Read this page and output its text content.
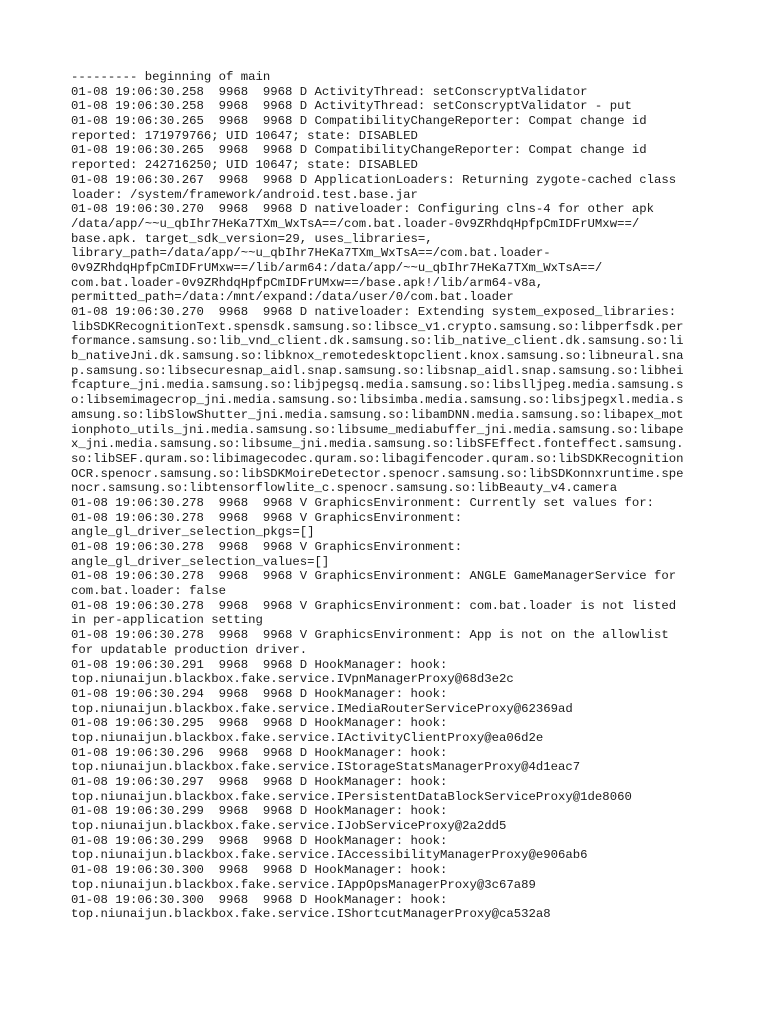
--------- beginning of main
01-08 19:06:30.258  9968  9968 D ActivityThread: setConscryptValidator
01-08 19:06:30.258  9968  9968 D ActivityThread: setConscryptValidator - put
01-08 19:06:30.265  9968  9968 D CompatibilityChangeReporter: Compat change id
reported: 171979766; UID 10647; state: DISABLED
01-08 19:06:30.265  9968  9968 D CompatibilityChangeReporter: Compat change id
reported: 242716250; UID 10647; state: DISABLED
01-08 19:06:30.267  9968  9968 D ApplicationLoaders: Returning zygote-cached class
loader: /system/framework/android.test.base.jar
01-08 19:06:30.270  9968  9968 D nativeloader: Configuring clns-4 for other apk
/data/app/~~u_qbIhr7HeKa7TXm_WxTsA==/com.bat.loader-0v9ZRhdqHpfpCmIDFrUMxw==/
base.apk. target_sdk_version=29, uses_libraries=,
library_path=/data/app/~~u_qbIhr7HeKa7TXm_WxTsA==/com.bat.loader-
0v9ZRhdqHpfpCmIDFrUMxw==/lib/arm64:/data/app/~~u_qbIhr7HeKa7TXm_WxTsA==/
com.bat.loader-0v9ZRhdqHpfpCmIDFrUMxw==/base.apk!/lib/arm64-v8a,
permitted_path=/data:/mnt/expand:/data/user/0/com.bat.loader
01-08 19:06:30.270  9968  9968 D nativeloader: Extending system_exposed_libraries:
libSDKRecognitionText.spensdk.samsung.so:libsce_v1.crypto.samsung.so:libperfsdk.per
formance.samsung.so:lib_vnd_client.dk.samsung.so:lib_native_client.dk.samsung.so:li
b_nativeJni.dk.samsung.so:libknox_remotedesktopclient.knox.samsung.so:libneural.sna
p.samsung.so:libsecuresnap_aidl.snap.samsung.so:libsnap_aidl.snap.samsung.so:libhei
fcapture_jni.media.samsung.so:libjpegsq.media.samsung.so:libslljpeg.media.samsung.s
o:libsemimagecrop_jni.media.samsung.so:libsimba.media.samsung.so:libsjpegxl.media.s
amsung.so:libSlowShutter_jni.media.samsung.so:libamDNN.media.samsung.so:libapex_mot
ionphoto_utils_jni.media.samsung.so:libsume_mediabuffer_jni.media.samsung.so:libape
x_jni.media.samsung.so:libsume_jni.media.samsung.so:libSFEffect.fonteffect.samsung.
so:libSEF.quram.so:libimagecodec.quram.so:libagifencoder.quram.so:libSDKRecognition
OCR.spenocr.samsung.so:libSDKMoireDetector.spenocr.samsung.so:libSDKonnxruntime.spe
nocr.samsung.so:libtensorflowlite_c.spenocr.samsung.so:libBeauty_v4.camera
01-08 19:06:30.278  9968  9968 V GraphicsEnvironment: Currently set values for:
01-08 19:06:30.278  9968  9968 V GraphicsEnvironment:
angle_gl_driver_selection_pkgs=[]
01-08 19:06:30.278  9968  9968 V GraphicsEnvironment:
angle_gl_driver_selection_values=[]
01-08 19:06:30.278  9968  9968 V GraphicsEnvironment: ANGLE GameManagerService for
com.bat.loader: false
01-08 19:06:30.278  9968  9968 V GraphicsEnvironment: com.bat.loader is not listed
in per-application setting
01-08 19:06:30.278  9968  9968 V GraphicsEnvironment: App is not on the allowlist
for updatable production driver.
01-08 19:06:30.291  9968  9968 D HookManager: hook:
top.niunaijun.blackbox.fake.service.IVpnManagerProxy@68d3e2c
01-08 19:06:30.294  9968  9968 D HookManager: hook:
top.niunaijun.blackbox.fake.service.IMediaRouterServiceProxy@62369ad
01-08 19:06:30.295  9968  9968 D HookManager: hook:
top.niunaijun.blackbox.fake.service.IActivityClientProxy@ea06d2e
01-08 19:06:30.296  9968  9968 D HookManager: hook:
top.niunaijun.blackbox.fake.service.IStorageStatsManagerProxy@4d1eac7
01-08 19:06:30.297  9968  9968 D HookManager: hook:
top.niunaijun.blackbox.fake.service.IPersistentDataBlockServiceProxy@1de8060
01-08 19:06:30.299  9968  9968 D HookManager: hook:
top.niunaijun.blackbox.fake.service.IJobServiceProxy@2a2dd5
01-08 19:06:30.299  9968  9968 D HookManager: hook:
top.niunaijun.blackbox.fake.service.IAccessibilityManagerProxy@e906ab6
01-08 19:06:30.300  9968  9968 D HookManager: hook:
top.niunaijun.blackbox.fake.service.IAppOpsManagerProxy@3c67a89
01-08 19:06:30.300  9968  9968 D HookManager: hook:
top.niunaijun.blackbox.fake.service.IShortcutManagerProxy@ca532a8
